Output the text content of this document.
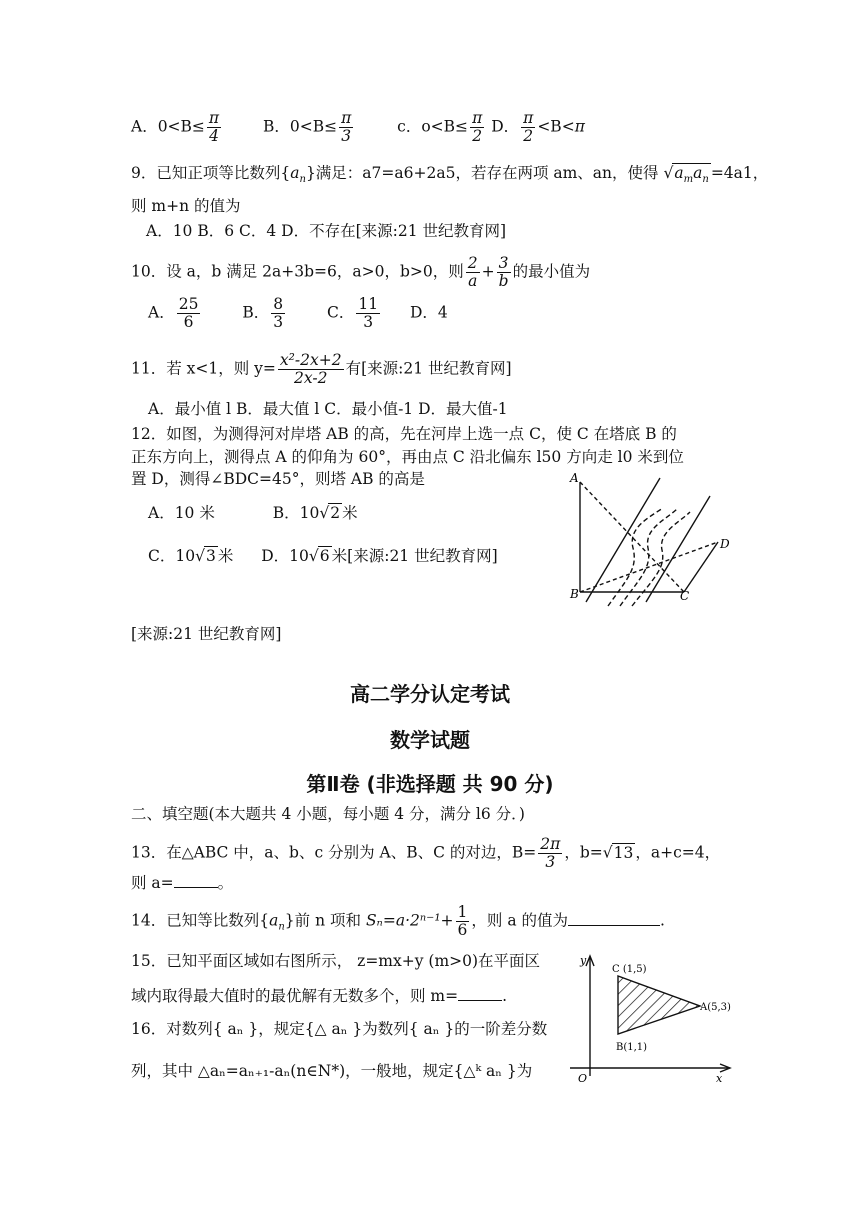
A．$0<B\le \frac{\pi}{4}$	B．$0<B\le \frac{\pi}{3}$	c．$o<B\le \frac{\pi}{2}$ D． $\frac{\pi}{2} <B<\pi$
9．已知正项等比数列$\{a_n\}$满足：a7=a6+2a5，若存在两项 am、an，使得 $√a_ma_n =4a1$，
则 m+n 的值为
A．10 B．6 C．4 D．不存在[来源:21 世纪教育网]
10．设 a，b 满足 2a+3b=6，a>0，b>0，则 $\frac{2}{a} + \frac{3}{b}$ 的最小值为
A． $\frac{25}{6}$	B． $\frac{8}{3}$	C． $\frac{11}{3}$ D．4
11．若 x<1，则 $y= \frac{\text{x²-2x+2}}{2x-2}$ 有[来源:21 世纪教育网]
A．最小值 l B．最大值 l C．最小值-1 D．最大值-1
12．如图，为测得河对岸塔 AB 的高，先在河岸上选一点 C，使 C 在塔底 B 的
正东方向上，测得点 A 的仰角为 60°，再由点 C 沿北偏东 l50 方向走 l0 米到位
置 D，测得∠BDC=45°，则塔 AB 的高是
A．10 米	B．10√2 米
C．10√3 米 D．10√6 米[来源:21 世纪教育网]
A
B	C
D
[来源:21 世纪教育网]
高二学分认定考试
数学试题
第Ⅱ卷 (非选择题 共 90 分)
二、填空题(本大题共 4 小题，每小题 4 分，满分 l6 分．)
13．在△ABC 中，a、b、c 分别为 A、B、C 的对边，$B= \frac{2\pi}{3}$ ，b=√13 ，a+c=4，
则 a=	。
14．已知等比数列$\{a_n\}$前 n 项和 $S_n=a\cdot 2^{n-1}+ \frac{1}{6}$ ，则 a 的值为	.
15．已知平面区域如右图所示， z=mx+y (m>0)在平面区
域内取得最大值时的最优解有无数多个，则 m=	.
16．对数列{ aₙ }，规定{△ aₙ }为数列{ aₙ }的一阶差分数
列，其中 △aₙ=aₙ₊₁-aₙ(n∈N*)，一般地，规定{△ᵏ aₙ }为
y
x
O
C (1,5)
A(5,3)
B(1,1)
